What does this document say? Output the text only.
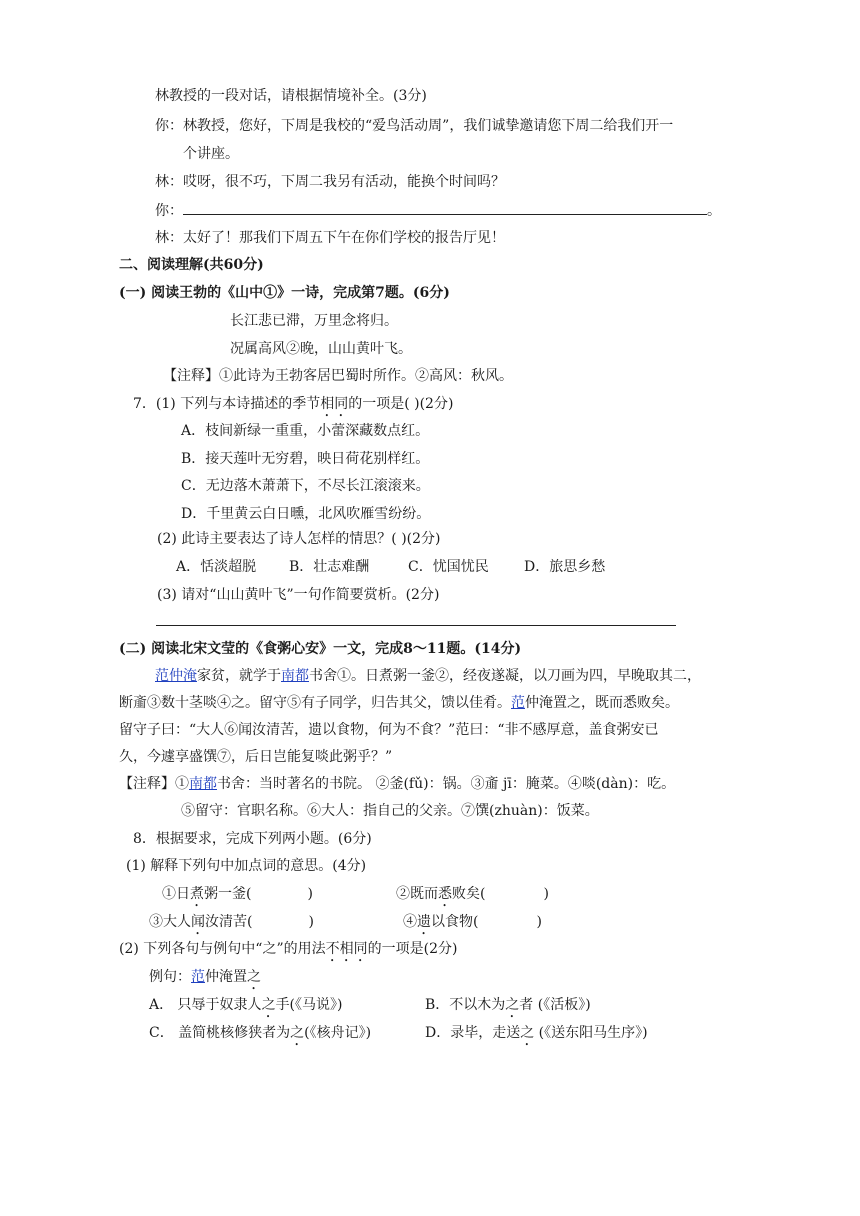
林教授的一段对话，请根据情境补全。(3分)
你：林教授，您好，下周是我校的“爱鸟活动周”，我们诚挚邀请您下周二给我们开一
个讲座。
林：哎呀，很不巧，下周二我另有活动，能换个时间吗？
你：	。
林：太好了！那我们下周五下午在你们学校的报告厅见！
二、阅读理解(共60分)
(一) 阅读王勃的《山中①》一诗，完成第7题。(6分)
长江悲已滞，万里念将归。
况属高风②晚，山山黄叶飞。
【注释】①此诗为王勃客居巴蜀时所作。②高风：秋风。
7．(1) 下列与本诗描述的季节相同的一项是( )(2分)
A．枝间新绿一重重，小蕾深藏数点红。
B．接天莲叶无穷碧，映日荷花别样红。
C．无边落木萧萧下，不尽长江滚滚来。
D．千里黄云白日曛，北风吹雁雪纷纷。
(2) 此诗主要表达了诗人怎样的情思？( )(2分)
A．恬淡超脱 B．壮志难酬	C．忧国忧民	D．旅思乡愁
(3) 请对“山山黄叶飞”一句作简要赏析。(2分)
(二) 阅读北宋文莹的《食粥心安》一文，完成8～11题。(14分)
范仲淹家贫，就学于南都书舍①。日煮粥一釜②，经夜遂凝，以刀画为四，早晚取其二，
断齑③数十茎啖④之。留守⑤有子同学，归告其父，馈以佳肴。范仲淹置之，既而悉败矣。
留守子曰：“大人⑥闻汝清苦，遗以食物，何为不食？”范曰：“非不感厚意，盖食粥安已
久，今遽享盛馔⑦，后日岂能复啖此粥乎？”
【注释】①南都书舍：当时著名的书院。 ②釜(fǔ)：锅。③齑 jī：腌菜。④啖(dàn)：吃。
⑤留守：官职名称。⑥大人：指自己的父亲。⑦馔(zhuàn)：饭菜。
8．根据要求，完成下列两小题。(6分)
(1) 解释下列句中加点词的意思。(4分)
①日煮粥一釜(	)	②既而悉败矣(	)
③大人闻汝清苦(	)	④遗以食物(	)
(2) 下列各句与例句中“之”的用法不相同的一项是(2分)
例句：范仲淹置之
A． 只辱于奴隶人之手(《马说》)	B．不以木为之者 (《活板》)
C． 盖简桃核修狭者为之(《核舟记》)	D．录毕，走送之 (《送东阳马生序》)
